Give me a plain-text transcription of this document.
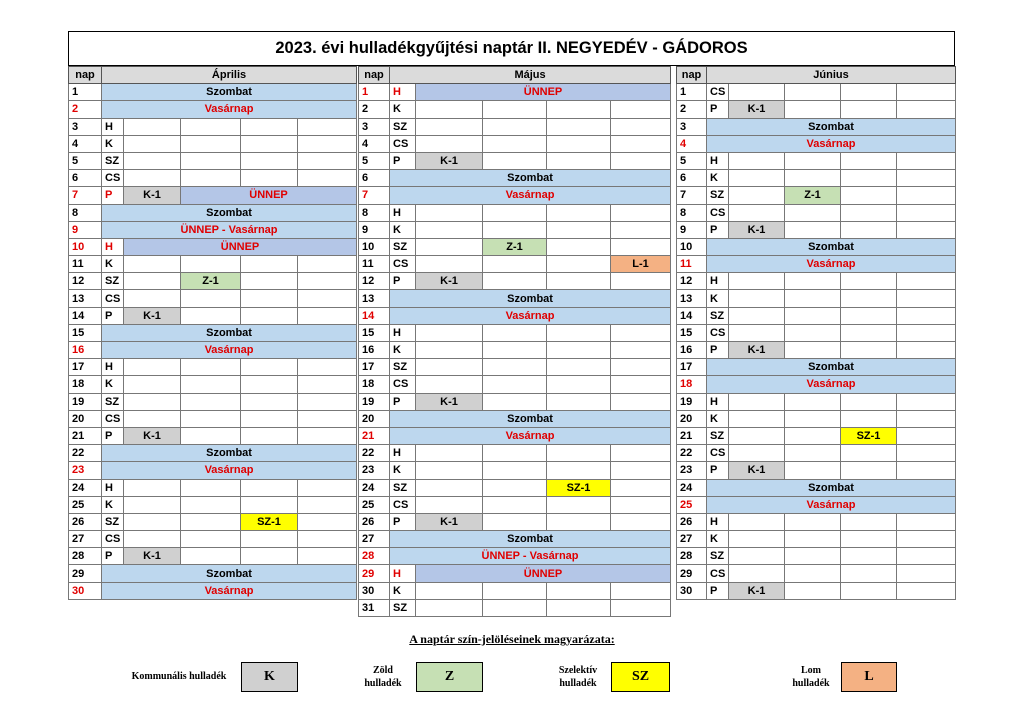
2023. évi hulladékgyűjtési naptár II. NEGYEDÉV - GÁDOROS
nap	Április				
1	Szombat				
2	Vasárnap				
3	H				
4	K				
5	SZ				
6	CS				
7	P	K-1	ÜNNEP		
8	Szombat				
9	ÜNNEP - Vasárnap				
10	H	ÜNNEP			
11	K				
12	SZ		Z-1		
13	CS				
14	P	K-1			
15	Szombat				
16	Vasárnap				
17	H				
18	K				
19	SZ				
20	CS				
21	P	K-1			
22	Szombat				
23	Vasárnap				
24	H				
25	K				
26	SZ			SZ-1	
27	CS				
28	P	K-1			
29	Szombat				
30	Vasárnap				
nap	Május				
1	H	ÜNNEP			
2	K				
3	SZ				
4	CS				
5	P	K-1			
6	Szombat				
7	Vasárnap				
8	H				
9	K				
10	SZ		Z-1		
11	CS				L-1
12	P	K-1			
13	Szombat				
14	Vasárnap				
15	H				
16	K				
17	SZ				
18	CS				
19	P	K-1			
20	Szombat				
21	Vasárnap				
22	H				
23	K				
24	SZ			SZ-1	
25	CS				
26	P	K-1			
27	Szombat				
28	ÜNNEP - Vasárnap				
29	H	ÜNNEP			
30	K				
31	SZ				
nap	Június				
1	CS				
2	P	K-1			
3	Szombat				
4	Vasárnap				
5	H				
6	K				
7	SZ		Z-1		
8	CS				
9	P	K-1			
10	Szombat				
11	Vasárnap				
12	H				
13	K				
14	SZ				
15	CS				
16	P	K-1			
17	Szombat				
18	Vasárnap				
19	H				
20	K				
21	SZ			SZ-1	
22	CS				
23	P	K-1			
24	Szombat				
25	Vasárnap				
26	H				
27	K				
28	SZ				
29	CS				
30	P	K-1			
A naptár szín-jelöléseinek magyarázata:
Kommunális hulladék	K	Zöld hulladék	Z	Szelektív hulladék	SZ	Lom hulladék	L
